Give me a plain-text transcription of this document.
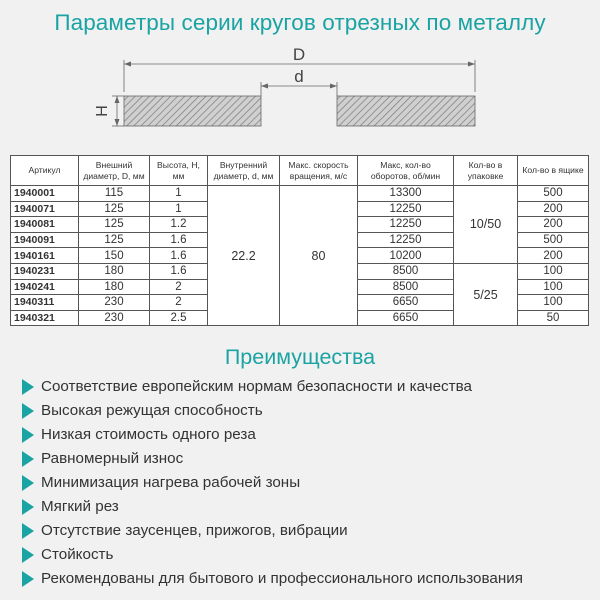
Параметры серии кругов отрезных по металлу
D
d
H
Артикул	Внешний диаметр, D, мм	Высота, Н, мм	Внутренний диаметр, d, мм	Макс. скорость вращения, м/с	Макс, кол-во оборотов, об/мин	Кол-во в упаковке	Кол-во в ящике
1940001	115	1	22.2	80	13300	10/50	500
1940071	125	1			12250		200
1940081	125	1.2			12250		200
1940091	125	1.6			12250		500
1940161	150	1.6			10200		200
1940231	180	1.6			8500	5/25	100
1940241	180	2			8500		100
1940311	230	2			6650		100
1940321	230	2.5			6650		50
Преимущества
Соответствие европейским нормам безопасности и качества
Высокая режущая способность
Низкая стоимость одного реза
Равномерный износ
Минимизация нагрева рабочей зоны
Мягкий рез
Отсутствие заусенцев, прижогов, вибрации
Стойкость
Рекомендованы для бытового и профессионального использования
